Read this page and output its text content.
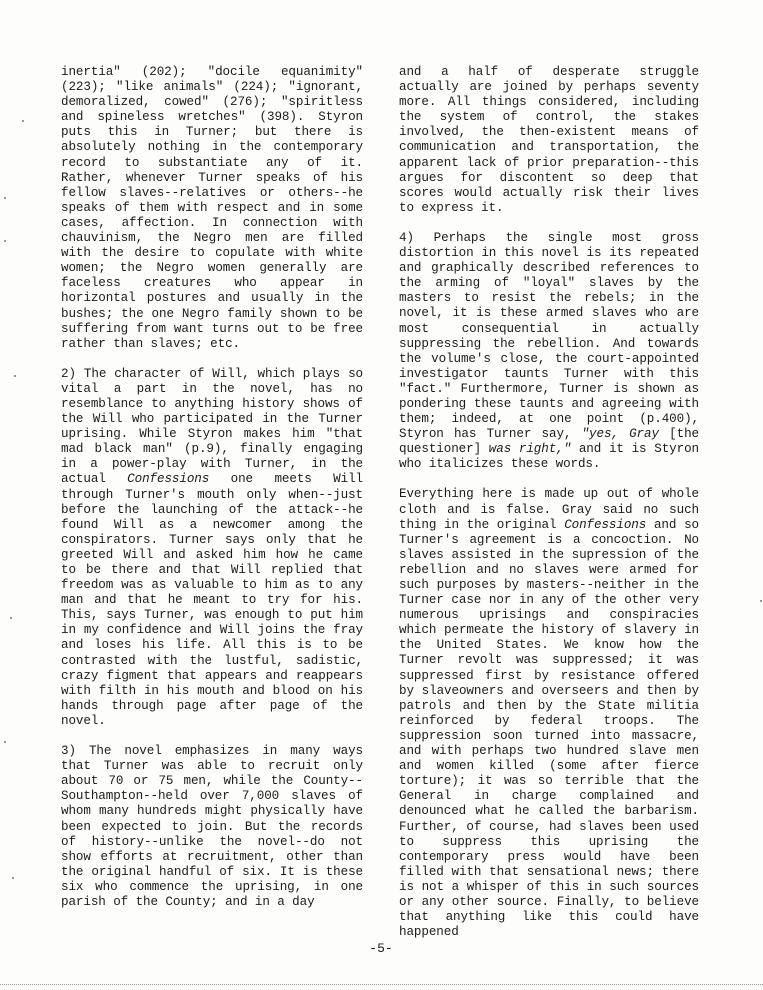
inertia" (202); "docile equanimity" (223); "like animals" (224); "ignorant, demoralized, cowed" (276); "spiritless and spineless wretches" (398). Styron puts this in Turner; but there is absolutely nothing in the contemporary record to substantiate any of it. Rather, whenever Turner speaks of his fellow slaves--relatives or others--he speaks of them with respect and in some cases, affection. In connection with chauvinism, the Negro men are filled with the desire to copulate with white women; the Negro women generally are faceless creatures who appear in horizontal postures and usually in the bushes; the one Negro family shown to be suffering from want turns out to be free rather than slaves; etc.

2) The character of Will, which plays so vital a part in the novel, has no resemblance to anything history shows of the Will who participated in the Turner uprising. While Styron makes him "that mad black man" (p.9), finally engaging in a power-play with Turner, in the actual Confessions one meets Will through Turner's mouth only when--just before the launching of the attack--he found Will as a newcomer among the conspirators. Turner says only that he greeted Will and asked him how he came to be there and that Will replied that freedom was as valuable to him as to any man and that he meant to try for his. This, says Turner, was enough to put him in my confidence and Will joins the fray and loses his life. All this is to be contrasted with the lustful, sadistic, crazy figment that appears and reappears with filth in his mouth and blood on his hands through page after page of the novel.

3) The novel emphasizes in many ways that Turner was able to recruit only about 70 or 75 men, while the County--Southampton--held over 7,000 slaves of whom many hundreds might physically have been expected to join. But the records of history--unlike the novel--do not show efforts at recruitment, other than the original handful of six. It is these six who commence the uprising, in one parish of the County; and in a day

and a half of desperate struggle actually are joined by perhaps seventy more. All things considered, including the system of control, the stakes involved, the then-existent means of communication and transportation, the apparent lack of prior preparation--this argues for discontent so deep that scores would actually risk their lives to express it.

4) Perhaps the single most gross distortion in this novel is its repeated and graphically described references to the arming of "loyal" slaves by the masters to resist the rebels; in the novel, it is these armed slaves who are most consequential in actually suppressing the rebellion. And towards the volume's close, the court-appointed investigator taunts Turner with this "fact." Furthermore, Turner is shown as pondering these taunts and agreeing with them; indeed, at one point (p.400), Styron has Turner say, "yes, Gray [the questioner] was right," and it is Styron who italicizes these words.

Everything here is made up out of whole cloth and is false. Gray said no such thing in the original Confessions and so Turner's agreement is a concoction. No slaves assisted in the supression of the rebellion and no slaves were armed for such purposes by masters--neither in the Turner case nor in any of the other very numerous uprisings and conspiracies which permeate the history of slavery in the United States. We know how the Turner revolt was suppressed; it was suppressed first by resistance offered by slaveowners and overseers and then by patrols and then by the State militia reinforced by federal troops. The suppression soon turned into massacre, and with perhaps two hundred slave men and women killed (some after fierce torture); it was so terrible that the General in charge complained and denounced what he called the barbarism. Further, of course, had slaves been used to suppress this uprising the contemporary press would have been filled with that sensational news; there is not a whisper of this in such sources or any other source. Finally, to believe that anything like this could have happened

-5-
